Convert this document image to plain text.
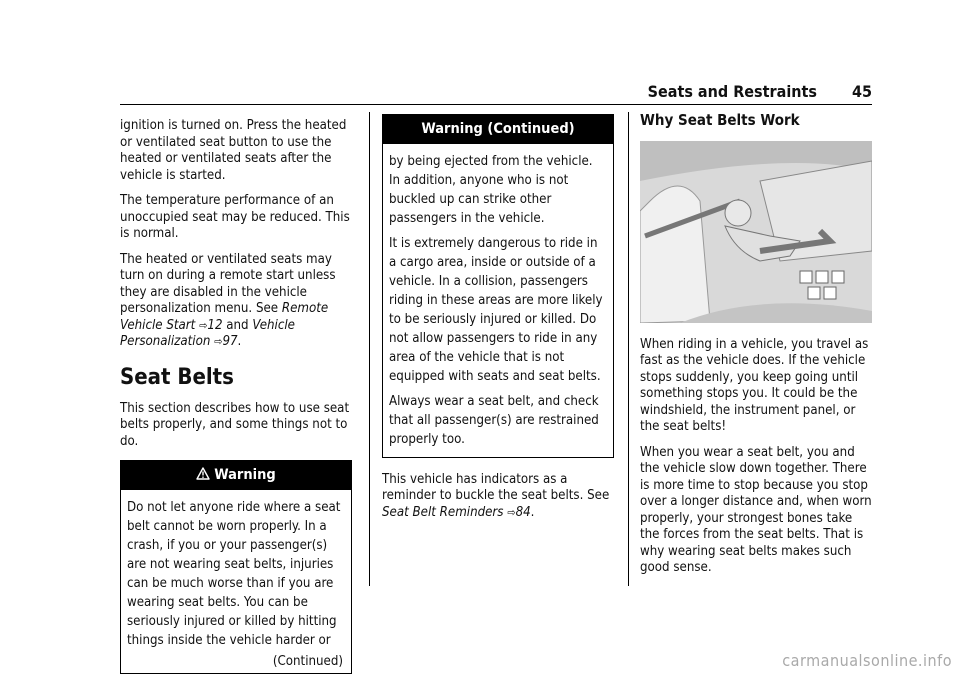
Seats and Restraints 45

ignition is turned on. Press the heated or ventilated seat button to use the heated or ventilated seats after the vehicle is started.

The temperature performance of an unoccupied seat may be reduced. This is normal.

The heated or ventilated seats may turn on during a remote start unless they are disabled in the vehicle personalization menu. See Remote Vehicle Start ⇨12 and Vehicle Personalization ⇨97.

Seat Belts

This section describes how to use seat belts properly, and some things not to do.

Warning

Do not let anyone ride where a seat belt cannot be worn properly. In a crash, if you or your passenger(s) are not wearing seat belts, injuries can be much worse than if you are wearing seat belts. You can be seriously injured or killed by hitting things inside the vehicle harder or

(Continued)
Warning (Continued)

by being ejected from the vehicle. In addition, anyone who is not buckled up can strike other passengers in the vehicle.

It is extremely dangerous to ride in a cargo area, inside or outside of a vehicle. In a collision, passengers riding in these areas are more likely to be seriously injured or killed. Do not allow passengers to ride in any area of the vehicle that is not equipped with seats and seat belts.

Always wear a seat belt, and check that all passenger(s) are restrained properly too.

This vehicle has indicators as a reminder to buckle the seat belts. See Seat Belt Reminders ⇨84.

Why Seat Belts Work

When riding in a vehicle, you travel as fast as the vehicle does. If the vehicle stops suddenly, you keep going until something stops you. It could be the windshield, the instrument panel, or the seat belts!

When you wear a seat belt, you and the vehicle slow down together. There is more time to stop because you stop over a longer distance and, when worn properly, your strongest bones take the forces from the seat belts. That is why wearing seat belts makes such good sense.

carmanualsonline.info
